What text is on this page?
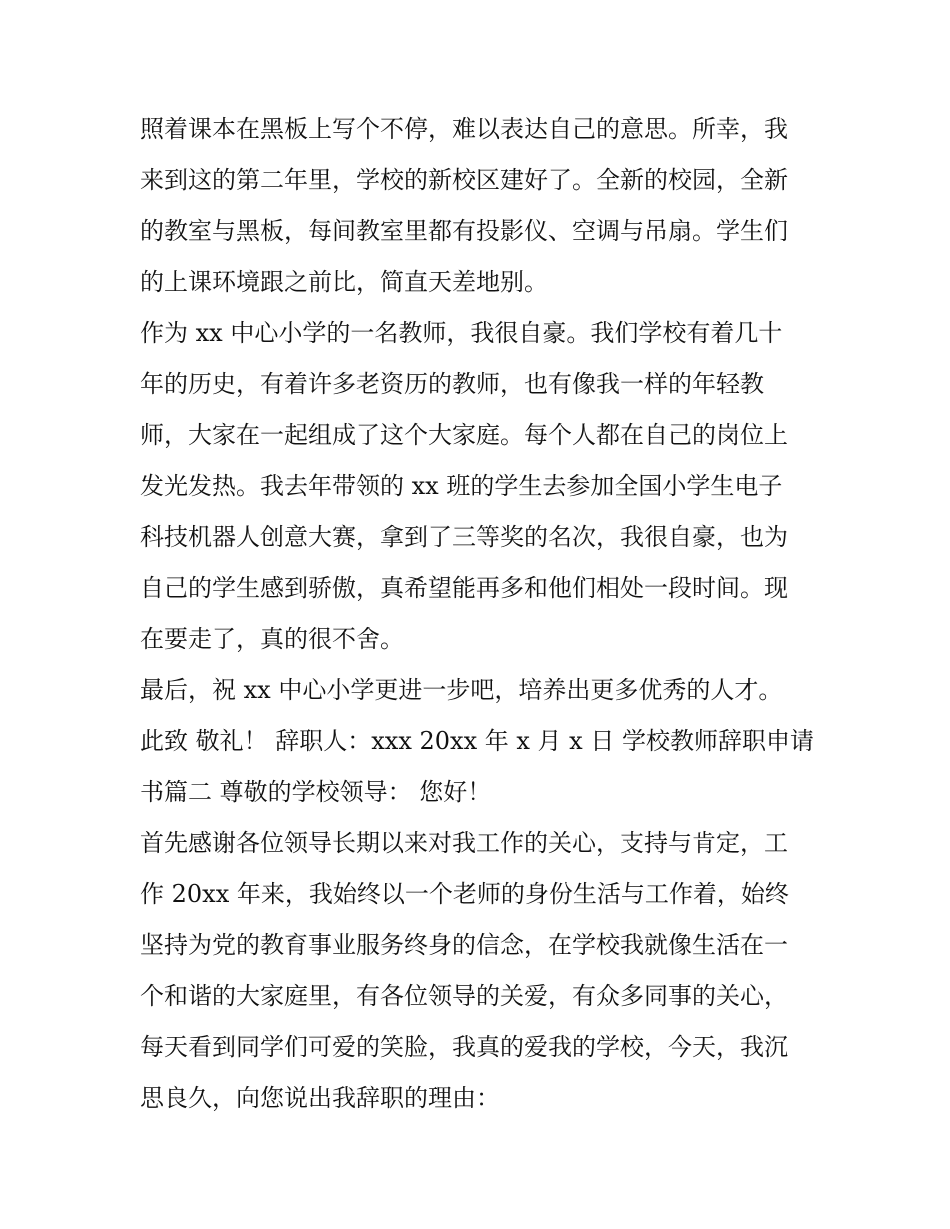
照着课本在黑板上写个不停，难以表达自己的意思。所幸，我
来到这的第二年里，学校的新校区建好了。全新的校园，全新
的教室与黑板，每间教室里都有投影仪、空调与吊扇。学生们
的上课环境跟之前比，简直天差地别。
作为 xx 中心小学的一名教师，我很自豪。我们学校有着几十
年的历史，有着许多老资历的教师，也有像我一样的年轻教
师，大家在一起组成了这个大家庭。每个人都在自己的岗位上
发光发热。我去年带领的 xx 班的学生去参加全国小学生电子
科技机器人创意大赛，拿到了三等奖的名次，我很自豪，也为
自己的学生感到骄傲，真希望能再多和他们相处一段时间。现
在要走了，真的很不舍。
最后，祝 xx 中心小学更进一步吧，培养出更多优秀的人才。
此致 敬礼！ 辞职人：xxx 20xx 年 x 月 x 日 学校教师辞职申请
书篇二 尊敬的学校领导： 您好！
首先感谢各位领导长期以来对我工作的关心，支持与肯定，工
作 20xx 年来，我始终以一个老师的身份生活与工作着，始终
坚持为党的教育事业服务终身的信念，在学校我就像生活在一
个和谐的大家庭里，有各位领导的关爱，有众多同事的关心，
每天看到同学们可爱的笑脸，我真的爱我的学校，今天，我沉
思良久，向您说出我辞职的理由：
